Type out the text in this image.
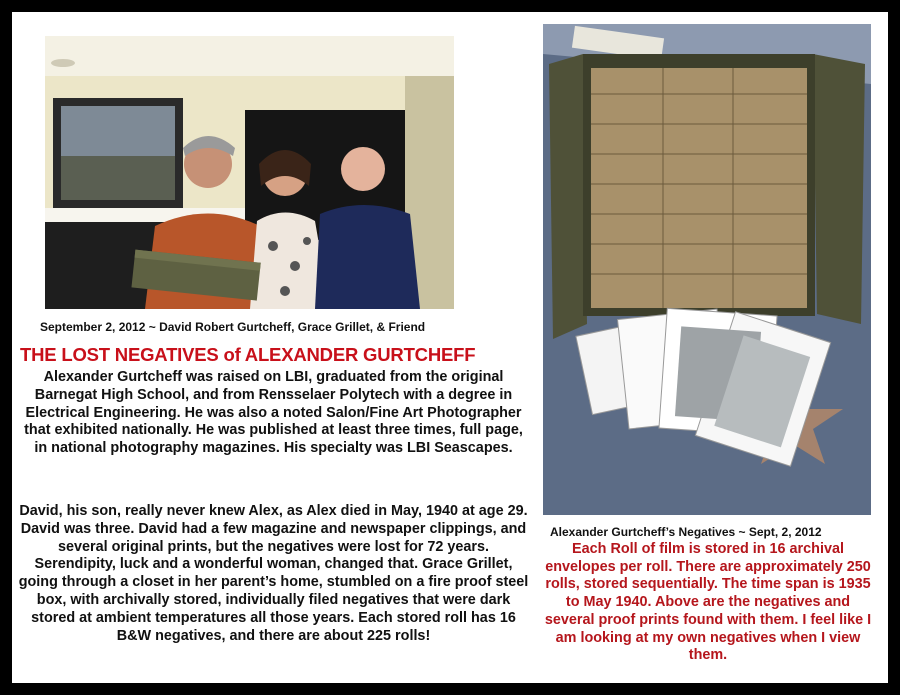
September 2, 2012 ~ David Robert Gurtcheff, Grace Grillet, & Friend
THE LOST NEGATIVES of ALEXANDER GURTCHEFF
Alexander Gurtcheff was raised on LBI, graduated from the original Barnegat High School, and from Rensselaer Polytech with a degree in Electrical Engineering. He was also a noted Salon/Fine Art Photographer that exhibited nationally. He was published at least three times, full page, in national photography magazines. His specialty was LBI Seascapes.
David, his son, really never knew Alex, as Alex died in May, 1940 at age 29. David was three. David had a few magazine and newspaper clippings, and several original prints, but the negatives were lost for 72 years. Serendipity, luck and a wonderful woman, changed that. Grace Grillet, going through a closet in her parent’s home, stumbled on a fire proof steel box, with archivally stored, individually filed negatives that were dark stored at ambient temperatures all those years. Each stored roll has 16 B&W negatives, and there are about 225 rolls!
Alexander Gurtcheff’s Negatives ~ Sept, 2, 2012
Each Roll of film is stored in 16 archival envelopes per roll. There are approximately 250 rolls, stored sequentially. The time span is 1935 to May 1940. Above are the negatives and several proof prints found with them. I feel like I am looking at my own negatives when I view them.
